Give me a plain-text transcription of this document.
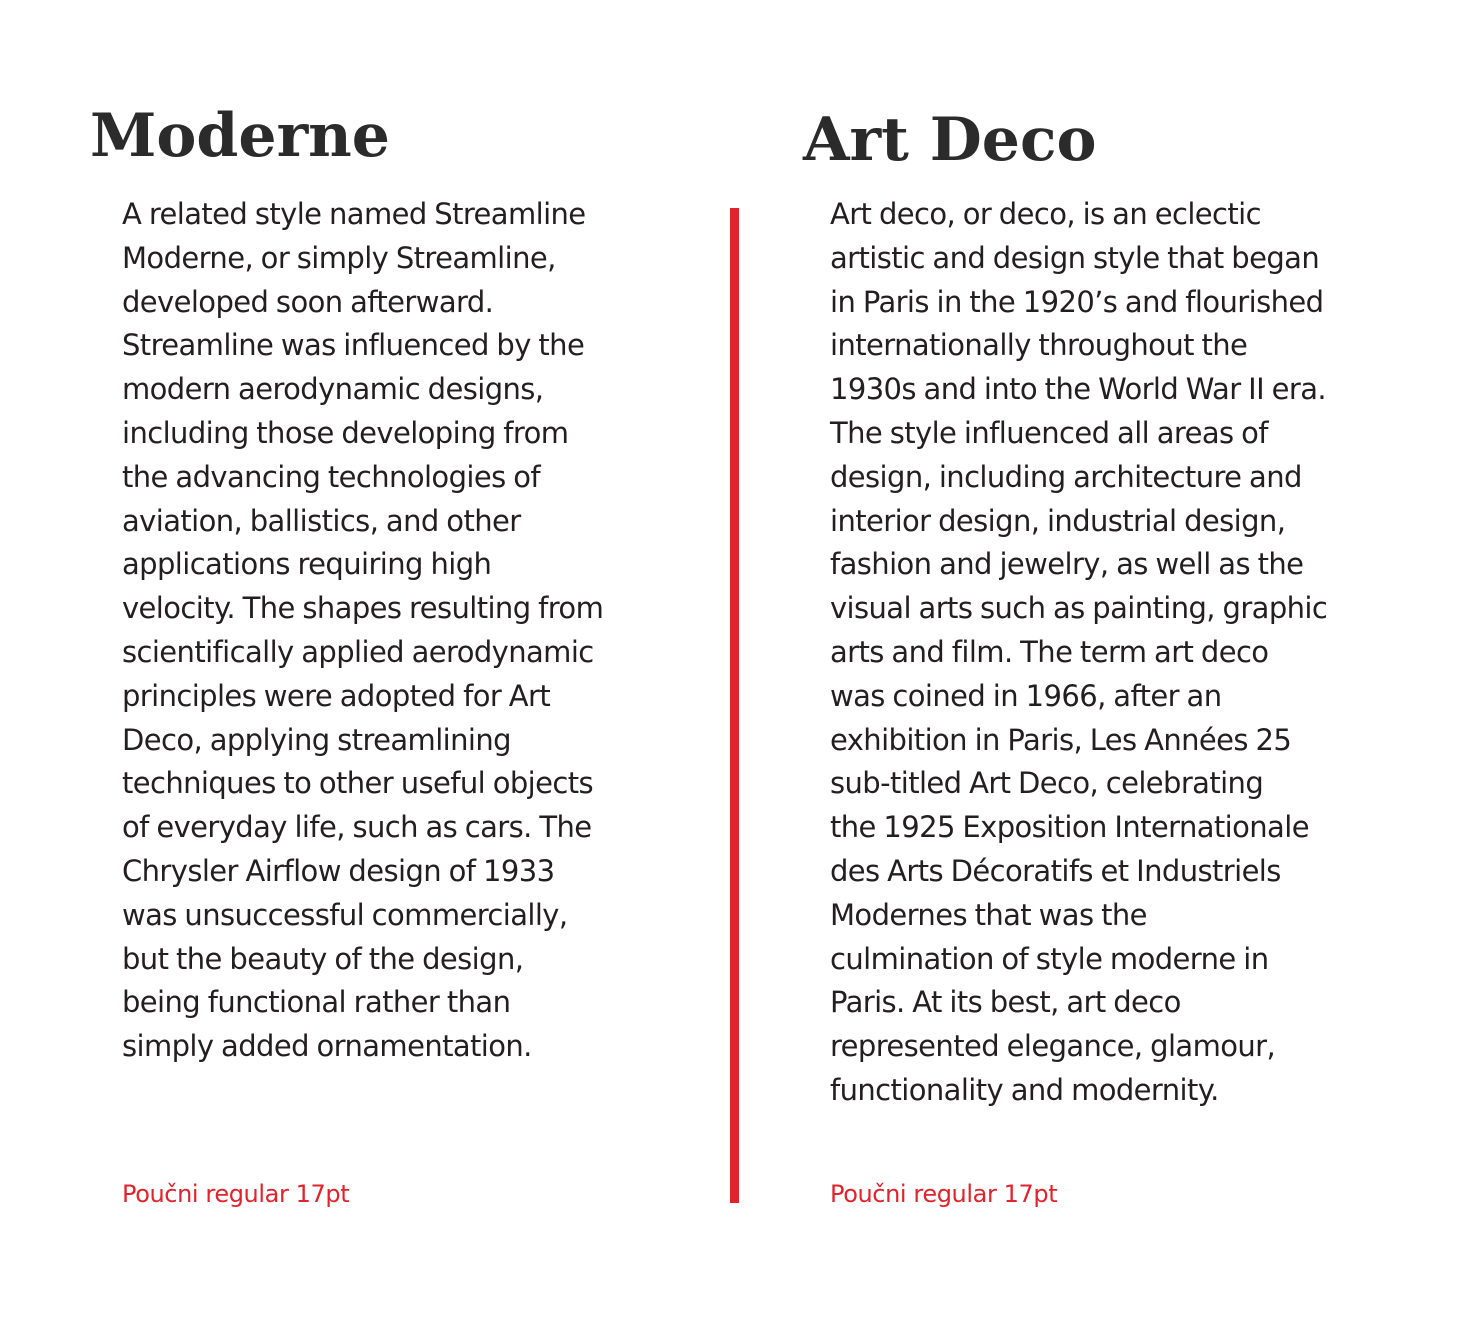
Moderne

A related style named Streamline
Moderne, or simply Streamline,
developed soon afterward.
Streamline was influenced by the
modern aerodynamic designs,
including those developing from
the advancing technologies of
aviation, ballistics, and other
applications requiring high
velocity. The shapes resulting from
scientifically applied aerodynamic
principles were adopted for Art
Deco, applying streamlining
techniques to other useful objects
of everyday life, such as cars. The
Chrysler Airflow design of 1933
was unsuccessful commercially,
but the beauty of the design,
being functional rather than
simply added ornamentation.

Poučni regular 17pt

Art Deco

Art deco, or deco, is an eclectic
artistic and design style that began
in Paris in the 1920’s and flourished
internationally throughout the
1930s and into the World War II era.
The style influenced all areas of
design, including architecture and
interior design, industrial design,
fashion and jewelry, as well as the
visual arts such as painting, graphic
arts and film. The term art deco
was coined in 1966, after an
exhibition in Paris, Les Années 25
sub-titled Art Deco, celebrating
the 1925 Exposition Internationale
des Arts Décoratifs et Industriels
Modernes that was the
culmination of style moderne in
Paris. At its best, art deco
represented elegance, glamour,
functionality and modernity.

Poučni regular 17pt
